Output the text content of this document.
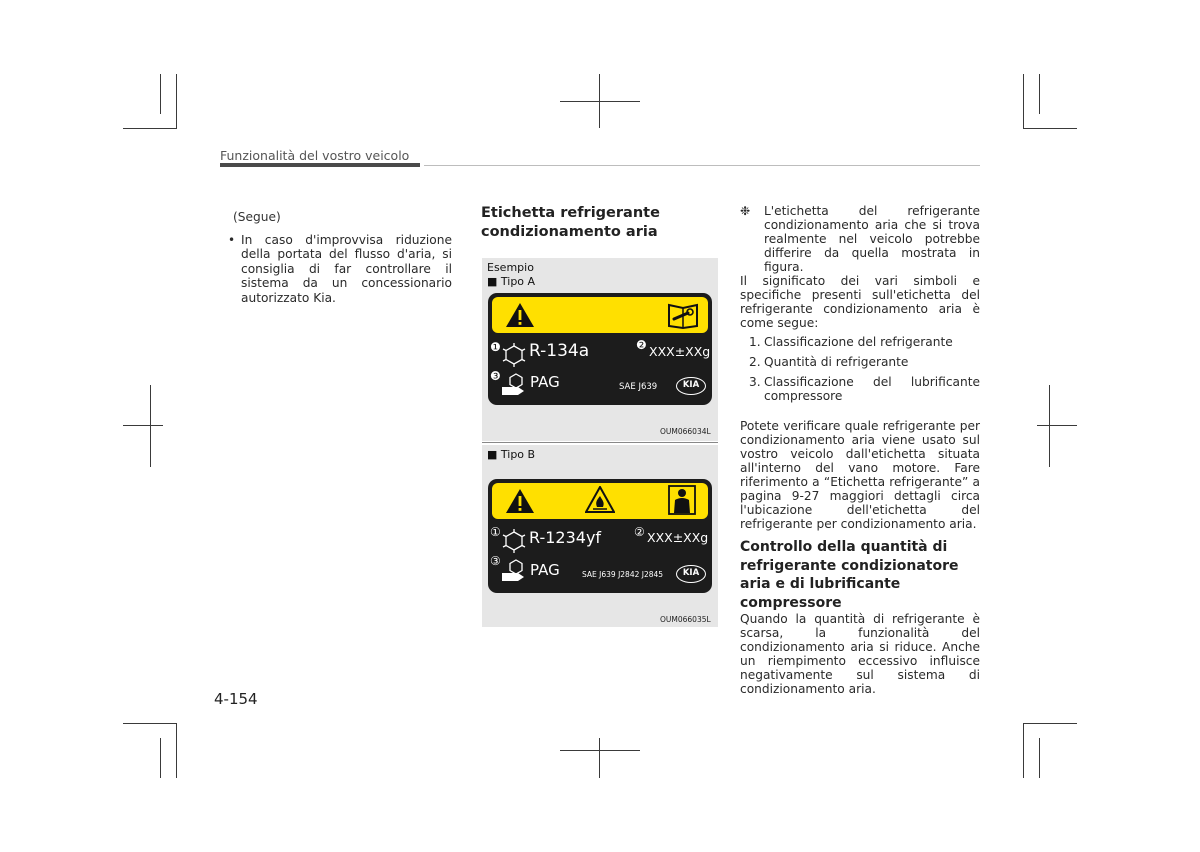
Funzionalità del vostro veicolo
(Segue)
• In caso d'improvvisa riduzione della portata del flusso d'aria, si consiglia di far controllare il sistema da un concessionario autorizzato Kia.
Etichetta refrigerante
condizionamento aria
Esempio
■ Tipo A
❶ R-134a	❷ XXX±XXg
❸ PAG	SAE J639	KIA
OUM066034L
■ Tipo B
① R-1234yf	② XXX±XXg
③ PAG	SAE J639 J2842 J2845	KIA
OUM066035L
❉	L'etichetta del refrigerante condizionamento aria che si trova realmente nel veicolo potrebbe differire da quella mostrata in figura.
Il significato dei vari simboli e specifiche presenti sull'etichetta del refrigerante condizionamento aria è come segue:
1. Classificazione del refrigerante
2. Quantità di refrigerante
3. Classificazione del lubrificante compressore
Potete verificare quale refrigerante per condizionamento aria viene usato sul vostro veicolo dall'etichetta situata all'interno del vano motore. Fare riferimento a “Etichetta refrigerante” a pagina 9-27 maggiori dettagli circa l'ubicazione dell'etichetta del refrigerante per condizionamento aria.
Controllo della quantità di refrigerante condizionatore aria e di lubrificante compressore
Quando la quantità di refrigerante è scarsa, la funzionalità del condizionamento aria si riduce. Anche un riempimento eccessivo influisce negativamente sul sistema di condizionamento aria.
4-154
